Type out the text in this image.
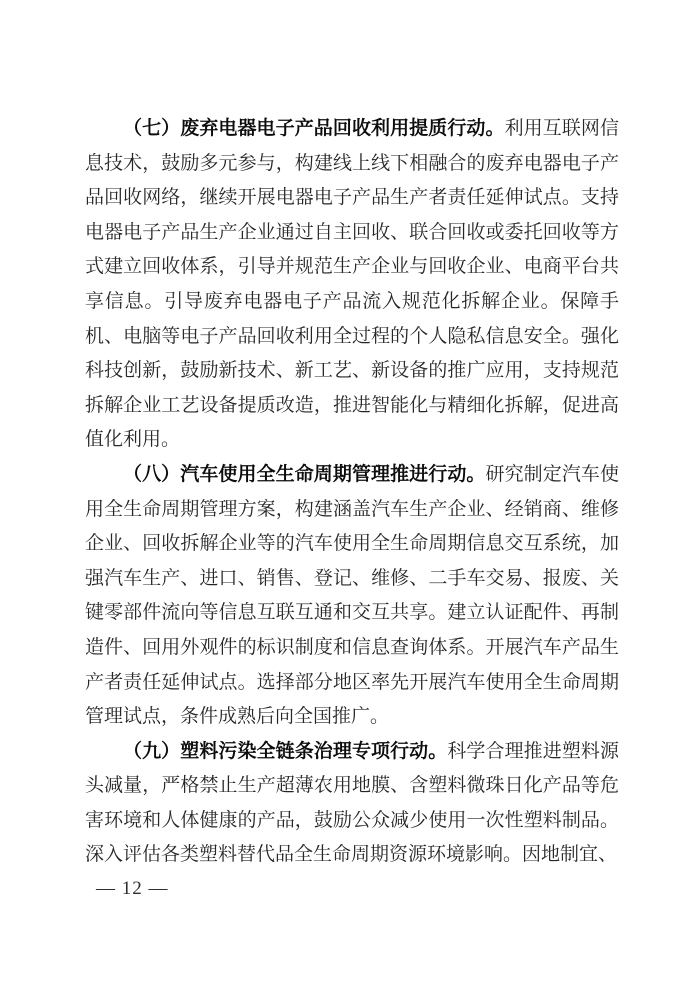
（七）废弃电器电子产品回收利用提质行动。利用互联网信息技术，鼓励多元参与，构建线上线下相融合的废弃电器电子产品回收网络，继续开展电器电子产品生产者责任延伸试点。支持电器电子产品生产企业通过自主回收、联合回收或委托回收等方式建立回收体系，引导并规范生产企业与回收企业、电商平台共享信息。引导废弃电器电子产品流入规范化拆解企业。保障手机、电脑等电子产品回收利用全过程的个人隐私信息安全。强化科技创新，鼓励新技术、新工艺、新设备的推广应用，支持规范拆解企业工艺设备提质改造，推进智能化与精细化拆解，促进高值化利用。

（八）汽车使用全生命周期管理推进行动。研究制定汽车使用全生命周期管理方案，构建涵盖汽车生产企业、经销商、维修企业、回收拆解企业等的汽车使用全生命周期信息交互系统，加强汽车生产、进口、销售、登记、维修、二手车交易、报废、关键零部件流向等信息互联互通和交互共享。建立认证配件、再制造件、回用外观件的标识制度和信息查询体系。开展汽车产品生产者责任延伸试点。选择部分地区率先开展汽车使用全生命周期管理试点，条件成熟后向全国推广。

（九）塑料污染全链条治理专项行动。科学合理推进塑料源头减量，严格禁止生产超薄农用地膜、含塑料微珠日化产品等危害环境和人体健康的产品，鼓励公众减少使用一次性塑料制品。深入评估各类塑料替代品全生命周期资源环境影响。因地制宜、

— 12 —
